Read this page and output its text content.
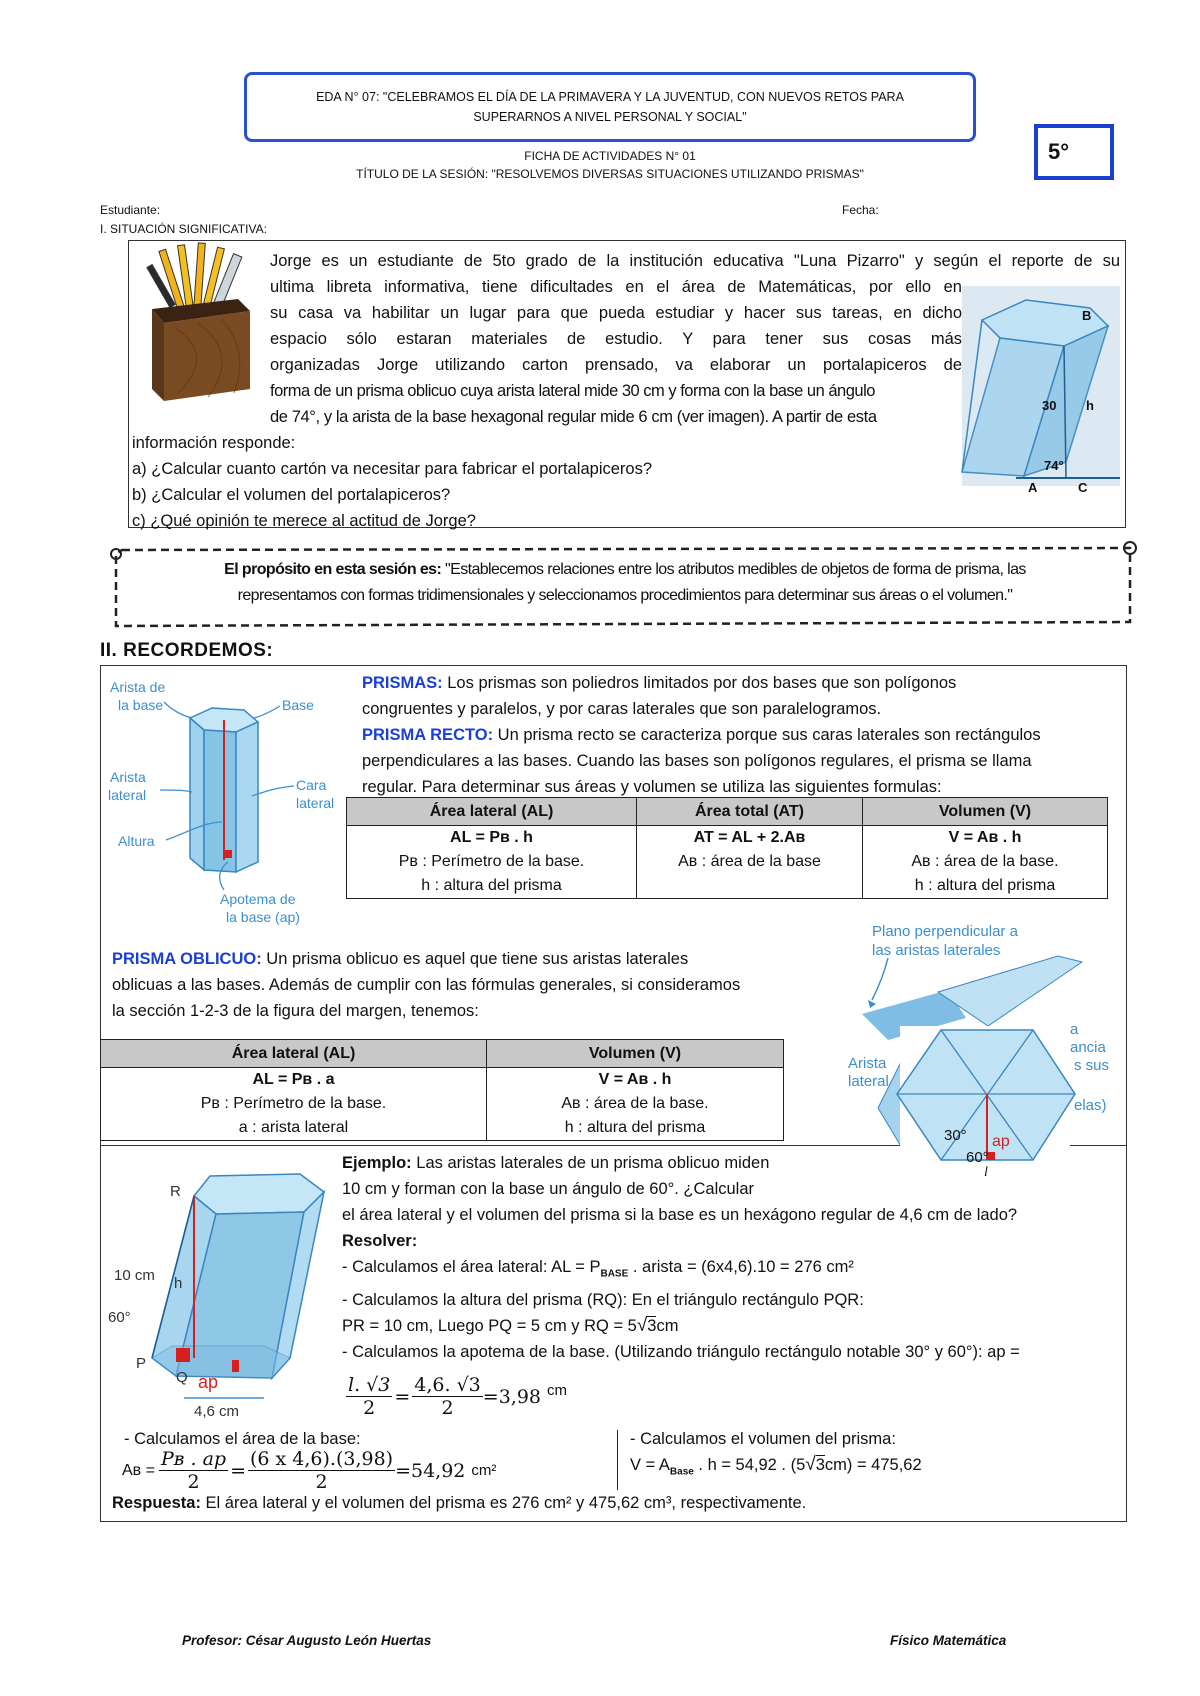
EDA N° 07: "CELEBRAMOS EL DÍA DE LA PRIMAVERA Y LA JUVENTUD, CON NUEVOS RETOS PARA
SUPERARNOS A NIVEL PERSONAL Y SOCIAL"
5°
FICHA DE ACTIVIDADES N° 01
TÍTULO DE LA SESIÓN: "RESOLVEMOS DIVERSAS SITUACIONES UTILIZANDO PRISMAS"
Estudiante:	Fecha:
I. SITUACIÓN SIGNIFICATIVA:
Jorge es un estudiante de 5to grado de la institución educativa "Luna Pizarro" y según el reporte de su
ultima libreta informativa, tiene dificultades en el área de Matemáticas, por ello en
su casa va habilitar un lugar para que pueda estudiar y hacer sus tareas, en dicho
espacio sólo estaran materiales de estudio. Y para tener sus cosas más
organizadas Jorge utilizando carton prensado, va elaborar un portalapiceros de
forma de un prisma oblicuo cuya arista lateral mide 30 cm y forma con la base un ángulo
de 74°, y la arista de la base hexagonal regular mide 6 cm (ver imagen). A partir de esta
información responde:
a) ¿Calcular cuanto cartón va necesitar para fabricar el portalapiceros?
b) ¿Calcular el volumen del portalapiceros?
c) ¿Qué opinión te merece al actitud de Jorge?
B
30 h
74°
A	C
El propósito en esta sesión es: "Establecemos relaciones entre los atributos medibles de objetos de forma de prisma, las
representamos con formas tridimensionales y seleccionamos procedimientos para determinar sus áreas o el volumen."
II. RECORDEMOS:
Arista de
la base	Base
Arista
lateral
Cara
lateral
Altura
Apotema de
la base (ap)
PRISMAS: Los prismas son poliedros limitados por dos bases que son polígonos
congruentes y paralelos, y por caras laterales que son paralelogramos.
PRISMA RECTO: Un prisma recto se caracteriza porque sus caras laterales son rectángulos
perpendiculares a las bases. Cuando las bases son polígonos regulares, el prisma se llama
regular. Para determinar sus áreas y volumen se utiliza las siguientes formulas:
Área lateral (AL)	Área total (AT)	Volumen (V)
AL = Pʙ . h	AT = AL + 2.Aʙ	V = Aʙ . h
Pʙ : Perímetro de la base.	Aʙ : área de la base	Aʙ : área de la base.
h : altura del prisma		h : altura del prisma
PRISMA OBLICUO: Un prisma oblicuo es aquel que tiene sus aristas laterales
oblicuas a las bases. Además de cumplir con las fórmulas generales, si consideramos
la sección 1-2-3 de la figura del margen, tenemos:
Plano perpendicular a
las aristas laterales
Arista
lateral
a
ancia
s sus
elas)
30°
60°
ap
l
Área lateral (AL)	Volumen (V)
AL = Pʙ . a	V = Aʙ . h
Pʙ : Perímetro de la base.	Aʙ : área de la base.
a : arista lateral	h : altura del prisma
R
10 cm h
60°
P
Q ap
4,6 cm
Ejemplo: Las aristas laterales de un prisma oblicuo miden
10 cm y forman con la base un ángulo de 60°. ¿Calcular
el área lateral y el volumen del prisma si la base es un hexágono regular de 4,6 cm de lado?
Resolver:
- Calculamos el área lateral: AL = $P_{BASE}$ . arista = (6x4,6).10 = 276 cm²
- Calculamos la altura del prisma (RQ): En el triángulo rectángulo PQR:
PR = 10 cm, Luego PQ = 5 cm y RQ = 5√3cm
- Calculamos la apotema de la base. (Utilizando triángulo rectángulo notable 30° y 60°): ap =
$\frac{l. √3}{2} = \frac{4,6. √3}{2} =3,98$ cm
- Calculamos el área de la base:
Aʙ = $\frac{\text{Pʙ . ap}}{2} = \frac{(6 x 4,6).(3,98)}{2} =54,92$ cm²
- Calculamos el volumen del prisma:
$V = A_{Base}$ . h = 54,92 . (5√3cm) = 475,62
Respuesta: El área lateral y el volumen del prisma es 276 cm² y 475,62 cm³, respectivamente.
Profesor: César Augusto León Huertas	Físico Matemática
